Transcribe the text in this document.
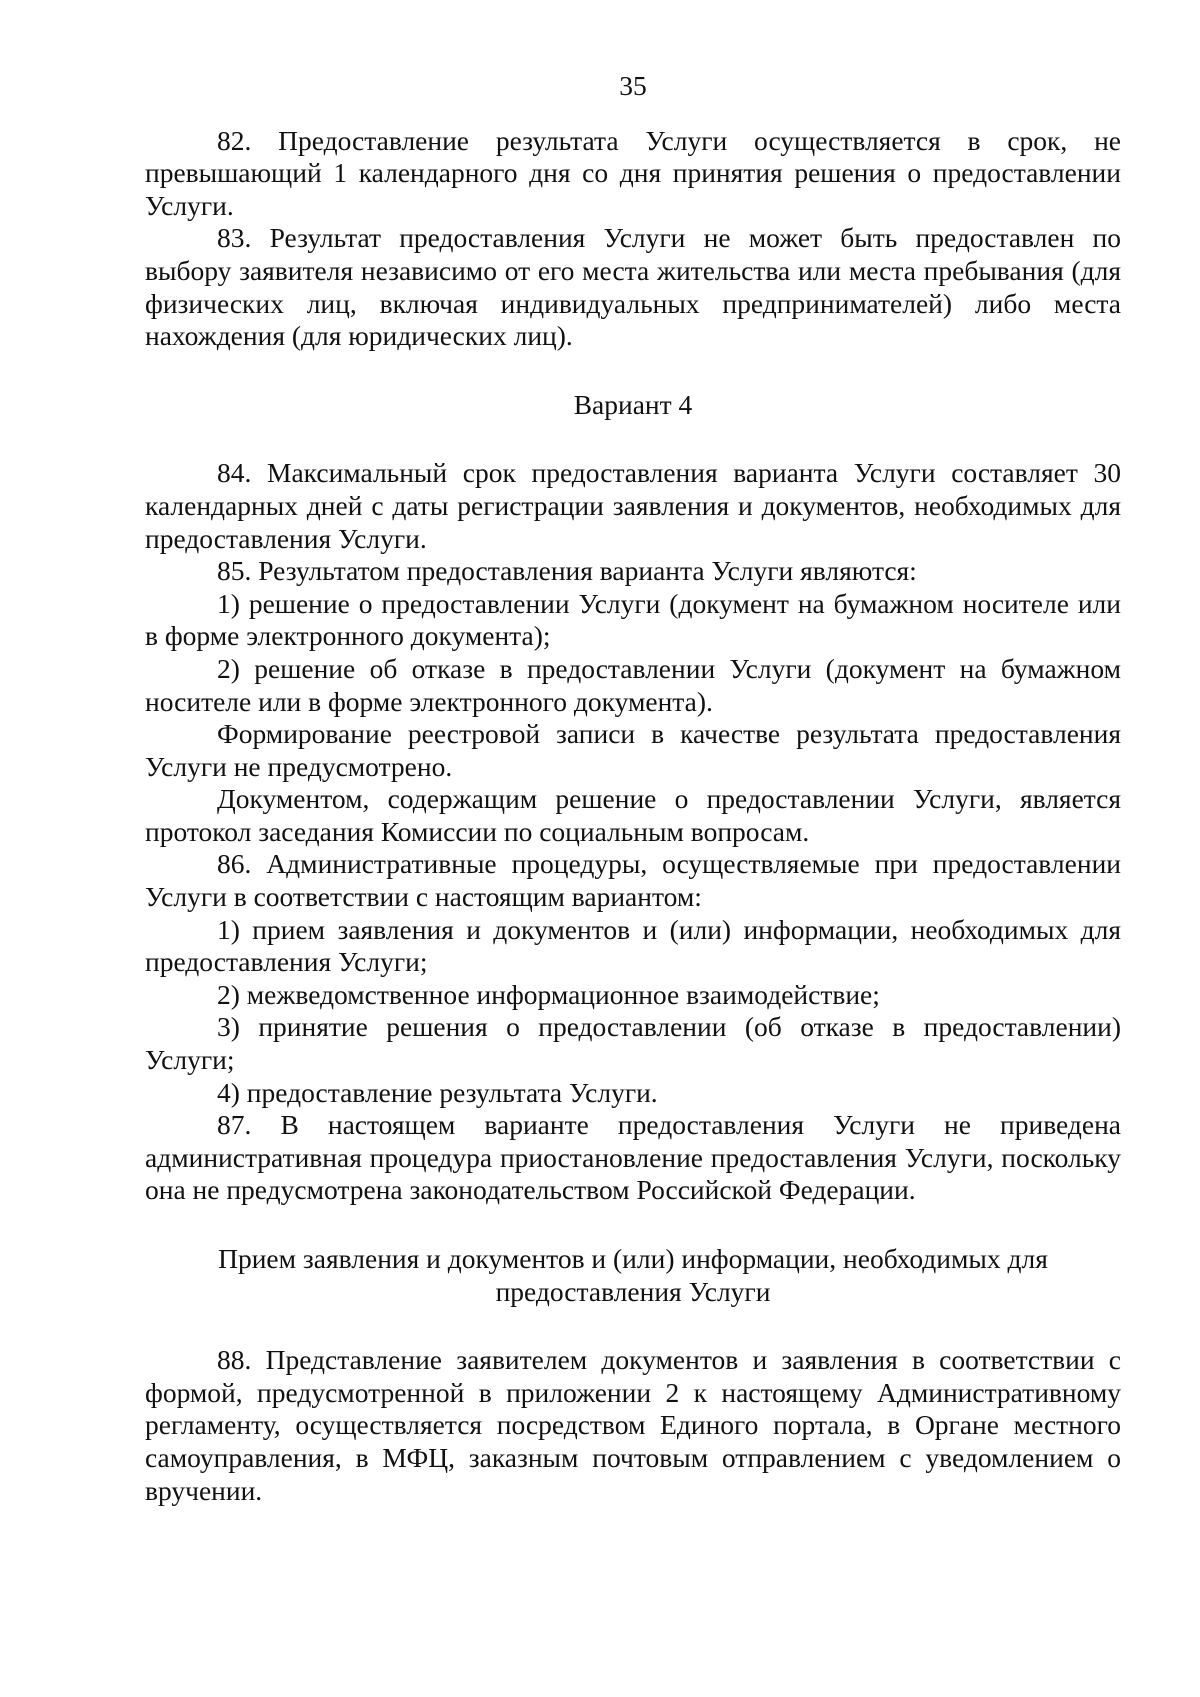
35

82. Предоставление результата Услуги осуществляется в срок, не превышающий 1 календарного дня со дня принятия решения о предоставлении Услуги.

83. Результат предоставления Услуги не может быть предоставлен по выбору заявителя независимо от его места жительства или места пребывания (для физических лиц, включая индивидуальных предпринимателей) либо места нахождения (для юридических лиц).

Вариант 4

84. Максимальный срок предоставления варианта Услуги составляет 30 календарных дней с даты регистрации заявления и документов, необходимых для предоставления Услуги.

85. Результатом предоставления варианта Услуги являются:

1) решение о предоставлении Услуги (документ на бумажном носителе или в форме электронного документа);

2) решение об отказе в предоставлении Услуги (документ на бумажном носителе или в форме электронного документа).

Формирование реестровой записи в качестве результата предоставления Услуги не предусмотрено.

Документом, содержащим решение о предоставлении Услуги, является протокол заседания Комиссии по социальным вопросам.

86. Административные процедуры, осуществляемые при предоставлении Услуги в соответствии с настоящим вариантом:

1) прием заявления и документов и (или) информации, необходимых для предоставления Услуги;

2) межведомственное информационное взаимодействие;

3) принятие решения о предоставлении (об отказе в предоставлении) Услуги;

4) предоставление результата Услуги.

87. В настоящем варианте предоставления Услуги не приведена административная процедура приостановление предоставления Услуги, поскольку она не предусмотрена законодательством Российской Федерации.

Прием заявления и документов и (или) информации, необходимых для предоставления Услуги

88. Представление заявителем документов и заявления в соответствии с формой, предусмотренной в приложении 2 к настоящему Административному регламенту, осуществляется посредством Единого портала, в Органе местного самоуправления, в МФЦ, заказным почтовым отправлением с уведомлением о вручении.
